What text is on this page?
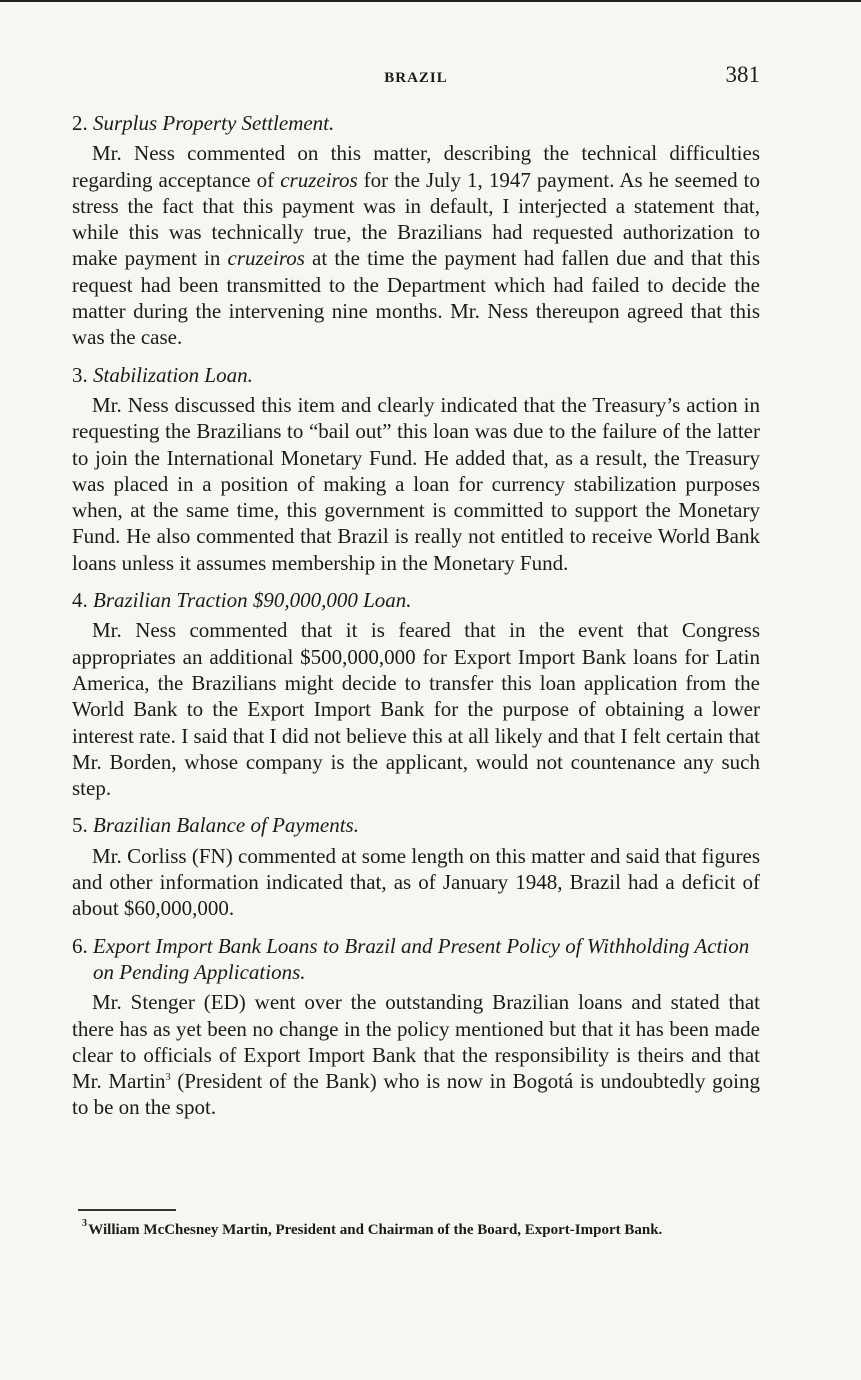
BRAZIL	381

2. Surplus Property Settlement.

Mr. Ness commented on this matter, describing the technical difficulties regarding acceptance of cruzeiros for the July 1, 1947 payment. As he seemed to stress the fact that this payment was in default, I interjected a statement that, while this was technically true, the Brazilians had requested authorization to make payment in cruzeiros at the time the payment had fallen due and that this request had been transmitted to the Department which had failed to decide the matter during the intervening nine months. Mr. Ness thereupon agreed that this was the case.

3. Stabilization Loan.

Mr. Ness discussed this item and clearly indicated that the Treasury’s action in requesting the Brazilians to “bail out” this loan was due to the failure of the latter to join the International Monetary Fund. He added that, as a result, the Treasury was placed in a position of making a loan for currency stabilization purposes when, at the same time, this government is committed to support the Monetary Fund. He also commented that Brazil is really not entitled to receive World Bank loans unless it assumes membership in the Monetary Fund.

4. Brazilian Traction $90,000,000 Loan.

Mr. Ness commented that it is feared that in the event that Congress appropriates an additional $500,000,000 for Export Import Bank loans for Latin America, the Brazilians might decide to transfer this loan application from the World Bank to the Export Import Bank for the purpose of obtaining a lower interest rate. I said that I did not believe this at all likely and that I felt certain that Mr. Borden, whose company is the applicant, would not countenance any such step.

5. Brazilian Balance of Payments.

Mr. Corliss (FN) commented at some length on this matter and said that figures and other information indicated that, as of January 1948, Brazil had a deficit of about $60,000,000.

6. Export Import Bank Loans to Brazil and Present Policy of Withholding Action on Pending Applications.

Mr. Stenger (ED) went over the outstanding Brazilian loans and stated that there has as yet been no change in the policy mentioned but that it has been made clear to officials of Export Import Bank that the responsibility is theirs and that Mr. Martin$^3$ (President of the Bank) who is now in Bogotá is undoubtedly going to be on the spot.

$^3$ William McChesney Martin, President and Chairman of the Board, Export-Import Bank.
